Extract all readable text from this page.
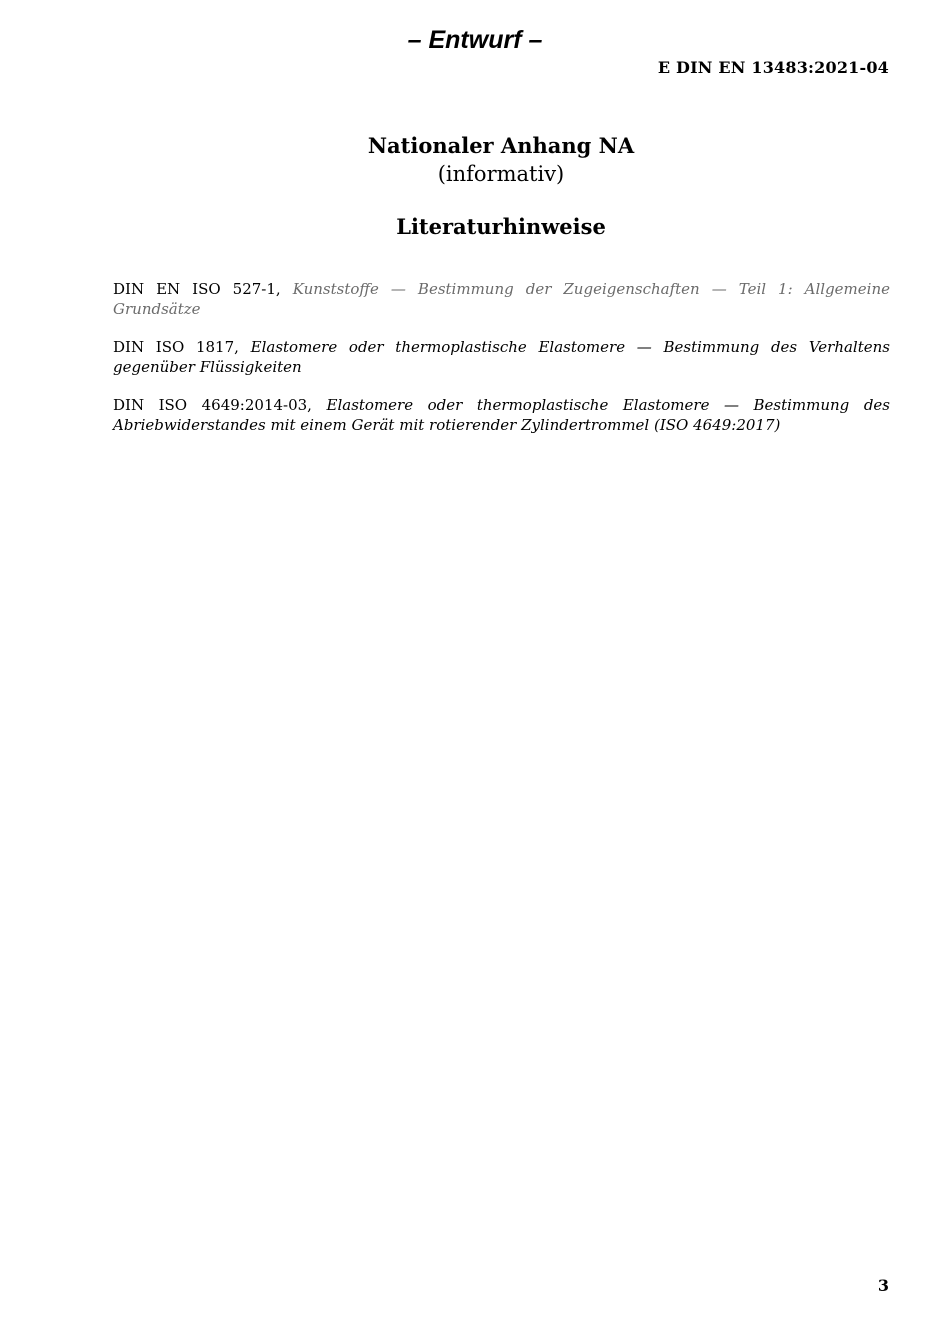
– Entwurf –
E DIN EN 13483:2021-04
Nationaler Anhang NA
(informativ)
Literaturhinweise

DIN EN ISO 527-1, Kunststoffe — Bestimmung der Zugeigenschaften — Teil 1: Allgemeine Grundsätze

DIN ISO 1817, Elastomere oder thermoplastische Elastomere — Bestimmung des Verhaltens gegenüber Flüssigkeiten

DIN ISO 4649:2014-03, Elastomere oder thermoplastische Elastomere — Bestimmung des Abriebwiderstandes mit einem Gerät mit rotierender Zylindertrommel (ISO 4649:2017)

3
